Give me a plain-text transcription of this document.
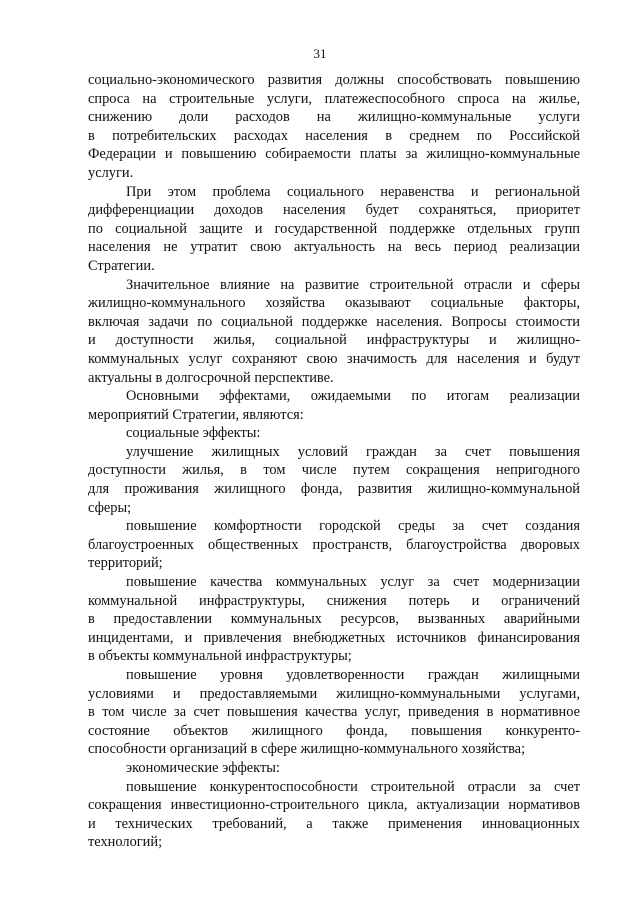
31

социально-экономического развития должны способствовать повышению

спроса на строительные услуги, платежеспособного спроса на жилье,

снижению доли расходов на жилищно-коммунальные услуги

в потребительских расходах населения в среднем по Российской

Федерации и повышению собираемости платы за жилищно-коммунальные

услуги.

При этом проблема социального неравенства и региональной

дифференциации доходов населения будет сохраняться, приоритет

по социальной защите и государственной поддержке отдельных групп

населения не утратит свою актуальность на весь период реализации

Стратегии.

Значительное влияние на развитие строительной отрасли и сферы

жилищно-коммунального хозяйства оказывают социальные факторы,

включая задачи по социальной поддержке населения. Вопросы стоимости

и доступности жилья, социальной инфраструктуры и жилищно-

коммунальных услуг сохраняют свою значимость для населения и будут

актуальны в долгосрочной перспективе.

Основными эффектами, ожидаемыми по итогам реализации

мероприятий Стратегии, являются:

социальные эффекты:

улучшение жилищных условий граждан за счет повышения

доступности жилья, в том числе путем сокращения непригодного

для проживания жилищного фонда, развития жилищно-коммунальной

сферы;

повышение комфортности городской среды за счет создания

благоустроенных общественных пространств, благоустройства дворовых

территорий;

повышение качества коммунальных услуг за счет модернизации

коммунальной инфраструктуры, снижения потерь и ограничений

в предоставлении коммунальных ресурсов, вызванных аварийными

инцидентами, и привлечения внебюджетных источников финансирования

в объекты коммунальной инфраструктуры;

повышение уровня удовлетворенности граждан жилищными

условиями и предоставляемыми жилищно-коммунальными услугами,

в том числе за счет повышения качества услуг, приведения в нормативное

состояние объектов жилищного фонда, повышения конкуренто-

способности организаций в сфере жилищно-коммунального хозяйства;

экономические эффекты:

повышение конкурентоспособности строительной отрасли за счет

сокращения инвестиционно-строительного цикла, актуализации нормативов

и технических требований, а также применения инновационных

технологий;
